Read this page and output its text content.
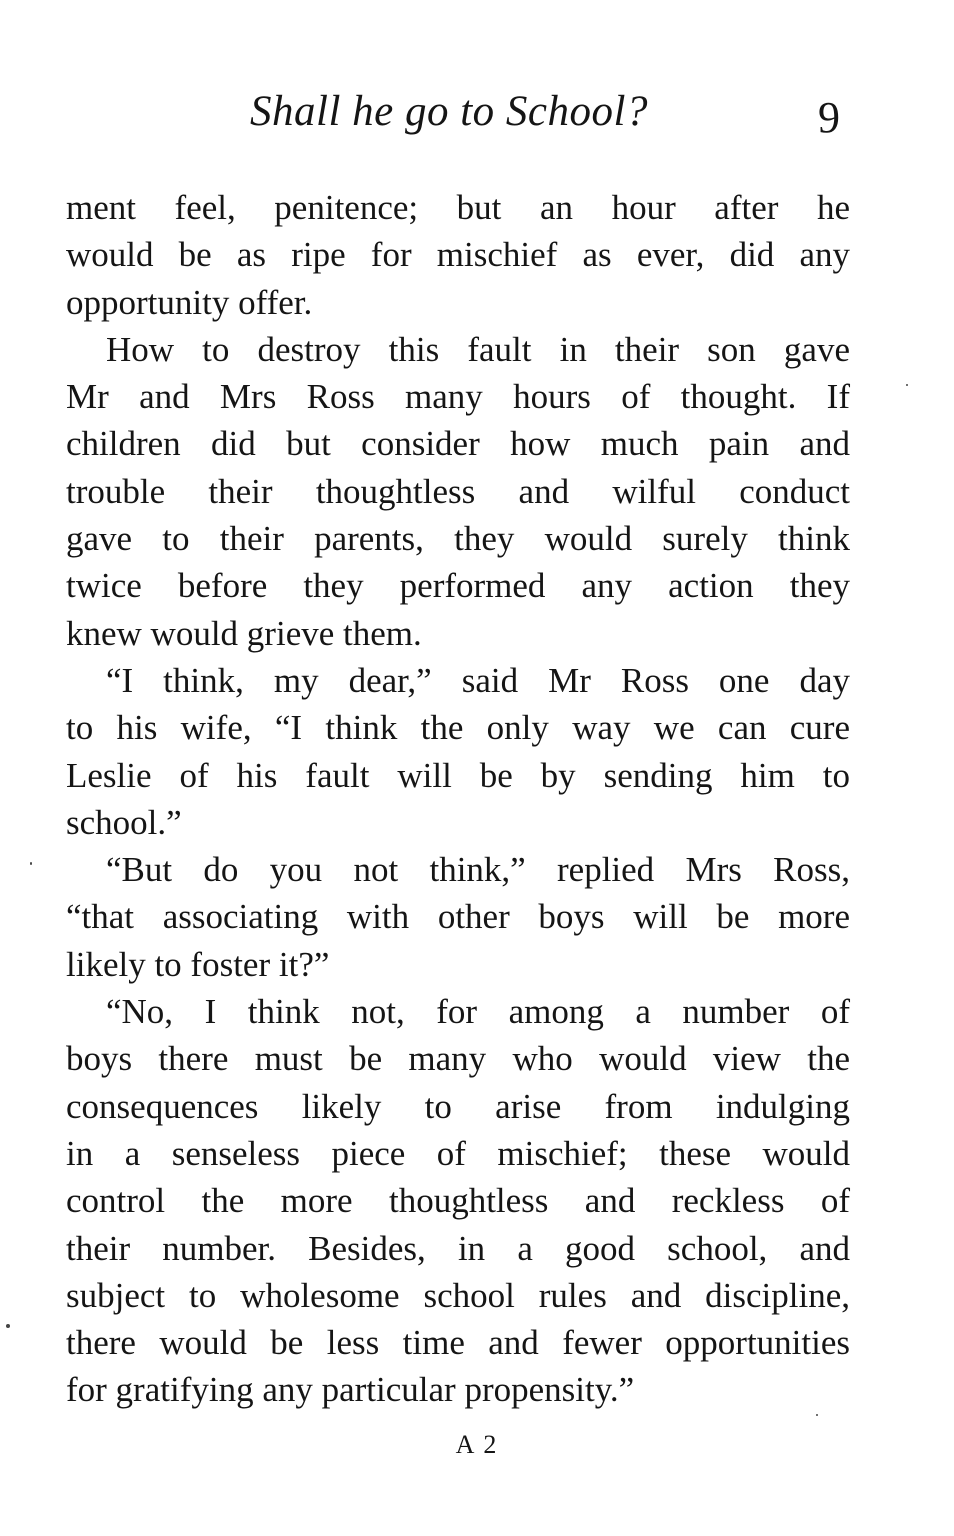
Shall he go to School?	9
ment feel, penitence; but an hour after he
would be as ripe for mischief as ever, did any
opportunity offer.
How to destroy this fault in their son gave
Mr and Mrs Ross many hours of thought. If
children did but consider how much pain and
trouble their thoughtless and wilful conduct
gave to their parents, they would surely think
twice before they performed any action they
knew would grieve them.
“I think, my dear,” said Mr Ross one day
to his wife, “I think the only way we can cure
Leslie of his fault will be by sending him to
school.”
“But do you not think,” replied Mrs Ross,
“that associating with other boys will be more
likely to foster it?”
“No, I think not, for among a number of
boys there must be many who would view the
consequences likely to arise from indulging
in a senseless piece of mischief; these would
control the more thoughtless and reckless of
their number. Besides, in a good school, and
subject to wholesome school rules and discipline,
there would be less time and fewer opportunities
for gratifying any particular propensity.”
A 2
